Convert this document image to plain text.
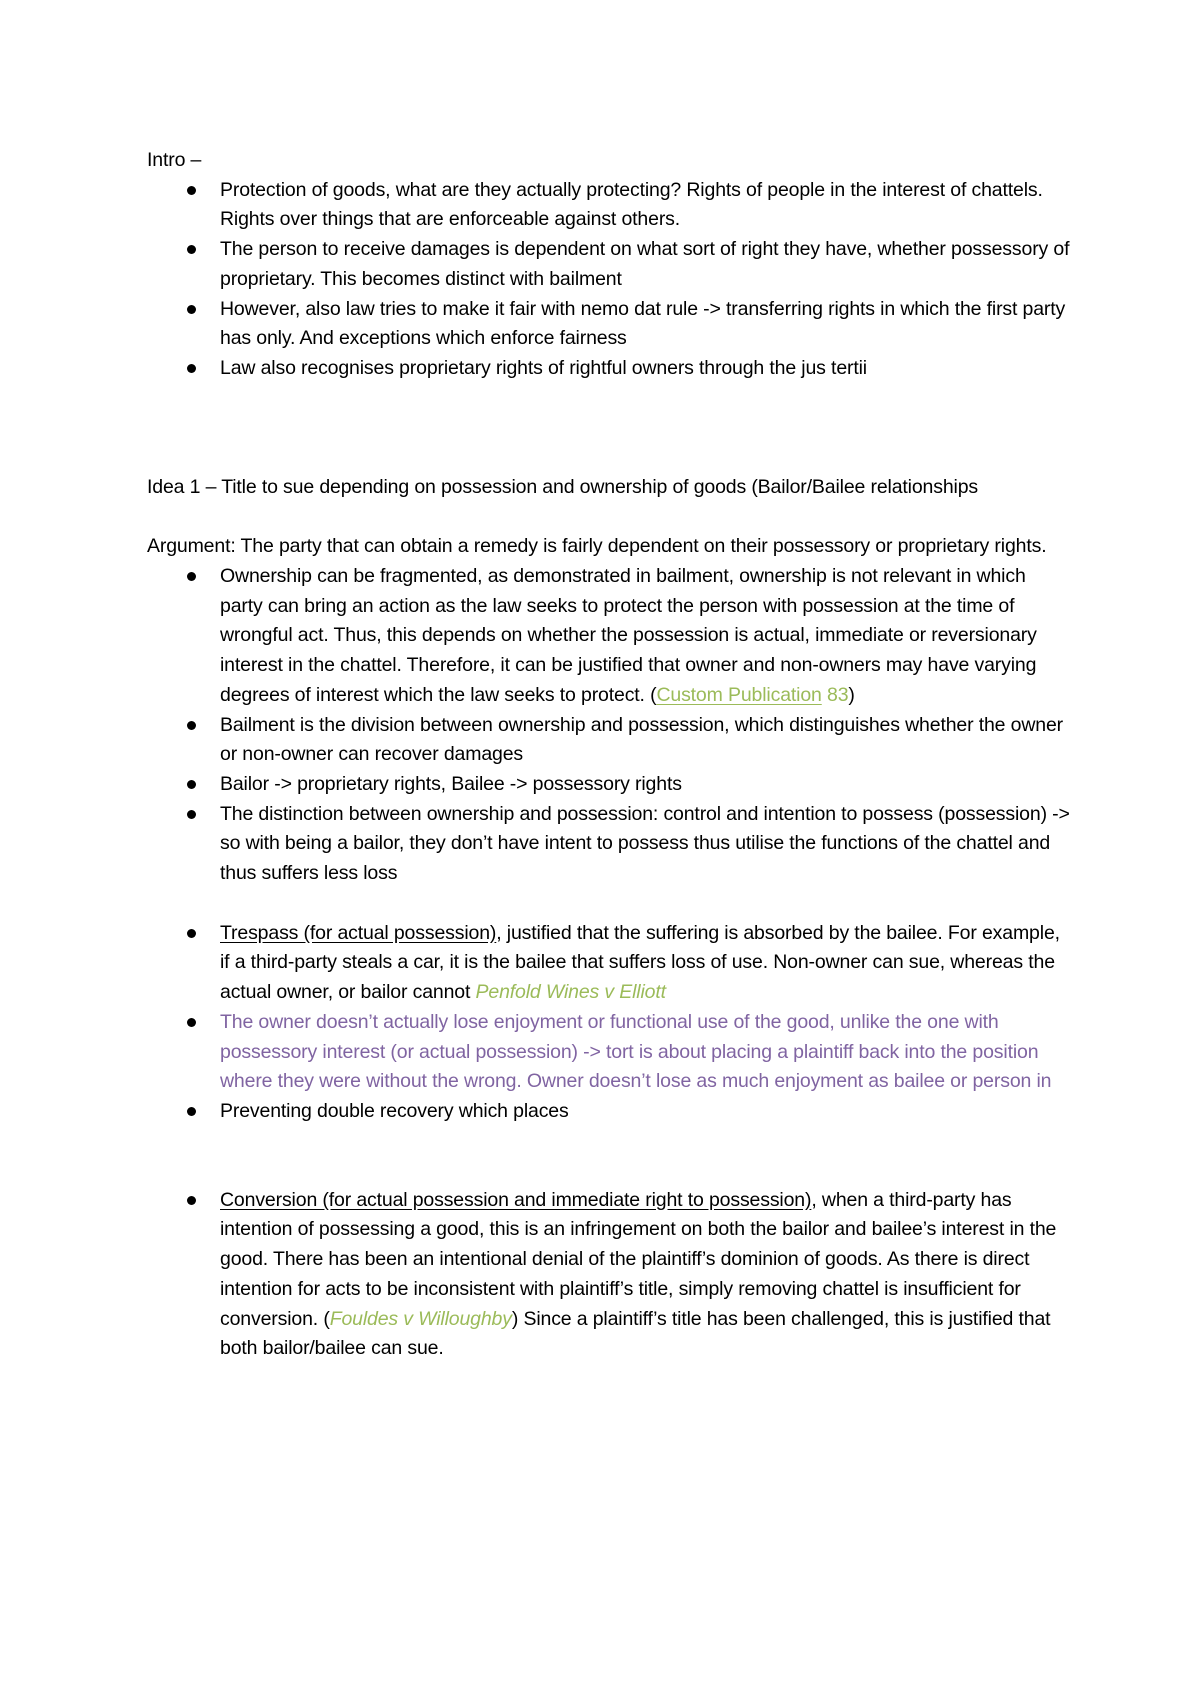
Intro –

Protection of goods, what are they actually protecting? Rights of people in the interest of chattels. Rights over things that are enforceable against others.
The person to receive damages is dependent on what sort of right they have, whether possessory of proprietary. This becomes distinct with bailment
However, also law tries to make it fair with nemo dat rule -> transferring rights in which the first party has only. And exceptions which enforce fairness
Law also recognises proprietary rights of rightful owners through the jus tertii

Idea 1 – Title to sue depending on possession and ownership of goods (Bailor/Bailee relationships

Argument: The party that can obtain a remedy is fairly dependent on their possessory or proprietary rights.

Ownership can be fragmented, as demonstrated in bailment, ownership is not relevant in which party can bring an action as the law seeks to protect the person with possession at the time of wrongful act. Thus, this depends on whether the possession is actual, immediate or reversionary interest in the chattel. Therefore, it can be justified that owner and non-owners may have varying degrees of interest which the law seeks to protect. (Custom Publication 83)
Bailment is the division between ownership and possession, which distinguishes whether the owner or non-owner can recover damages
Bailor -> proprietary rights, Bailee -> possessory rights
The distinction between ownership and possession: control and intention to possess (possession) -> so with being a bailor, they don’t have intent to possess thus utilise the functions of the chattel and thus suffers less loss
Trespass (for actual possession), justified that the suffering is absorbed by the bailee. For example, if a third-party steals a car, it is the bailee that suffers loss of use. Non-owner can sue, whereas the actual owner, or bailor cannot Penfold Wines v Elliott
The owner doesn’t actually lose enjoyment or functional use of the good, unlike the one with possessory interest (or actual possession) -> tort is about placing a plaintiff back into the position where they were without the wrong. Owner doesn’t lose as much enjoyment as bailee or person in
Preventing double recovery which places
Conversion (for actual possession and immediate right to possession), when a third-party has intention of possessing a good, this is an infringement on both the bailor and bailee’s interest in the good. There has been an intentional denial of the plaintiff’s dominion of goods. As there is direct intention for acts to be inconsistent with plaintiff’s title, simply removing chattel is insufficient for conversion. (Fouldes v Willoughby) Since a plaintiff’s title has been challenged, this is justified that both bailor/bailee can sue.
